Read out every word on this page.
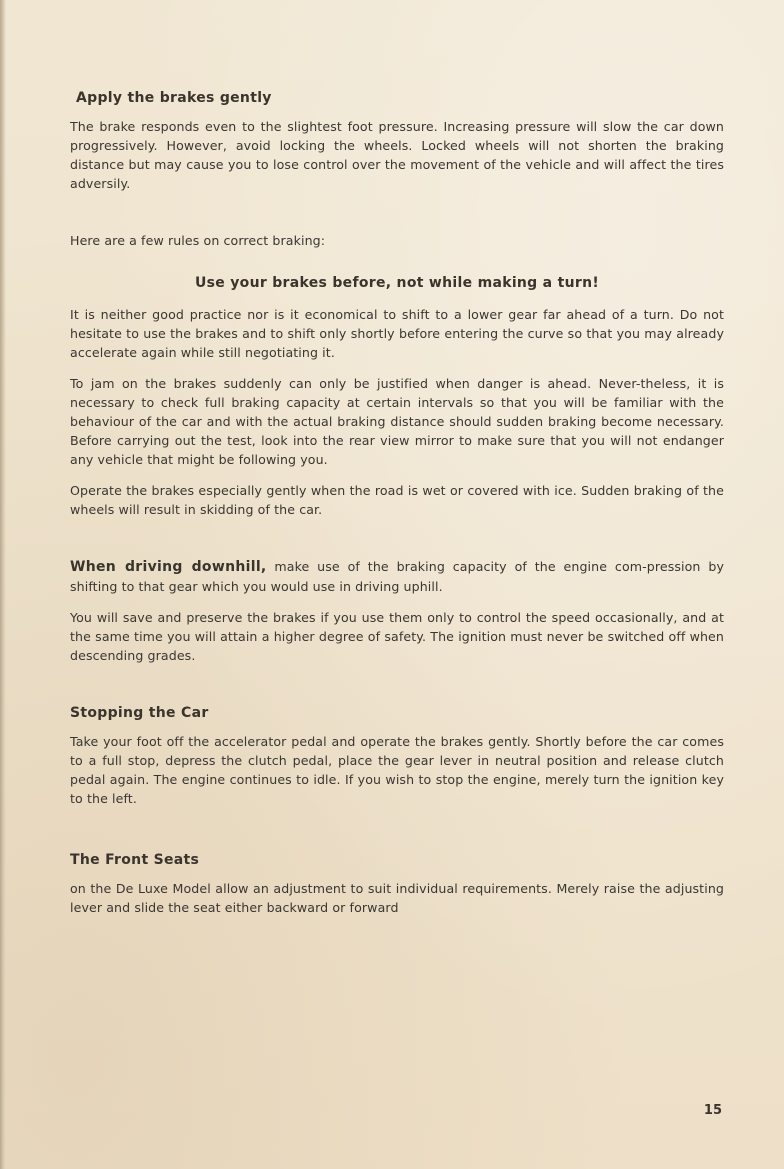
Apply the brakes gently

The brake responds even to the slightest foot pressure. Increasing pressure will slow the car down progressively. However, avoid locking the wheels. Locked wheels will not shorten the braking distance but may cause you to lose control over the movement of the vehicle and will affect the tires adversily.

Here are a few rules on correct braking:

Use your brakes before, not while making a turn!

It is neither good practice nor is it economical to shift to a lower gear far ahead of a turn. Do not hesitate to use the brakes and to shift only shortly before entering the curve so that you may already accelerate again while still negotiating it.

To jam on the brakes suddenly can only be justified when danger is ahead. Never-theless, it is necessary to check full braking capacity at certain intervals so that you will be familiar with the behaviour of the car and with the actual braking distance should sudden braking become necessary. Before carrying out the test, look into the rear view mirror to make sure that you will not endanger any vehicle that might be following you.

Operate the brakes especially gently when the road is wet or covered with ice. Sudden braking of the wheels will result in skidding of the car.

When driving downhill, make use of the braking capacity of the engine com-pression by shifting to that gear which you would use in driving uphill.

You will save and preserve the brakes if you use them only to control the speed occasionally, and at the same time you will attain a higher degree of safety. The ignition must never be switched off when descending grades.

Stopping the Car

Take your foot off the accelerator pedal and operate the brakes gently. Shortly before the car comes to a full stop, depress the clutch pedal, place the gear lever in neutral position and release clutch pedal again. The engine continues to idle. If you wish to stop the engine, merely turn the ignition key to the left.

The Front Seats

on the De Luxe Model allow an adjustment to suit individual requirements. Merely raise the adjusting lever and slide the seat either backward or forward

15
